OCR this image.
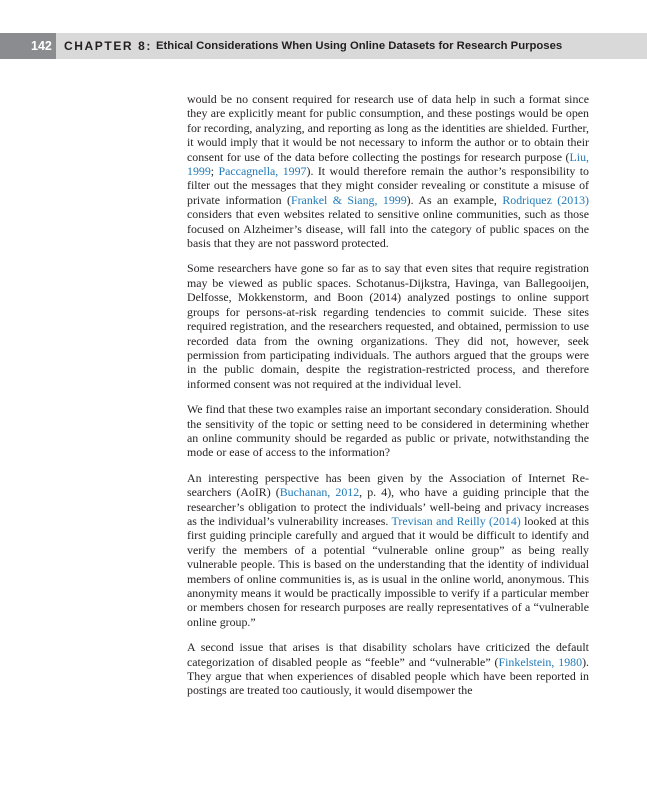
142	CHAPTER 8: Ethical Considerations When Using Online Datasets for Research Purposes

would be no consent required for research use of data help in such a format since they are explicitly meant for public consumption, and these postings would be open for recording, analyzing, and reporting as long as the identities are shielded. Further, it would imply that it would be not necessary to inform the author or to obtain their consent for use of the data before collecting the postings for research purpose (Liu, 1999; Paccagnella, 1997). It would therefore remain the author’s responsibility to filter out the messages that they might consider revealing or constitute a misuse of private information (Frankel & Siang, 1999). As an example, Rodriquez (2013) considers that even websites related to sensitive online communities, such as those focused on Alzheimer’s disease, will fall into the category of public spaces on the basis that they are not password protected.

Some researchers have gone so far as to say that even sites that require registration may be viewed as public spaces. Schotanus-Dijkstra, Havinga, van Ballegooijen, Delfosse, Mokkenstorm, and Boon (2014) analyzed postings to online support groups for persons-at-risk regarding tendencies to commit suicide. These sites required registration, and the researchers requested, and obtained, permission to use recorded data from the owning organizations. They did not, however, seek permission from participating individuals. The authors argued that the groups were in the public domain, despite the registration-restricted process, and therefore informed consent was not required at the individual level.

We find that these two examples raise an important secondary consideration. Should the sensitivity of the topic or setting need to be considered in determining whether an online community should be regarded as public or private, notwithstanding the mode or ease of access to the information?

An interesting perspective has been given by the Association of Internet Researchers (AoIR) (Buchanan, 2012, p. 4), who have a guiding principle that the researcher’s obligation to protect the individuals’ well-being and privacy increases as the individual’s vulnerability increases. Trevisan and Reilly (2014) looked at this first guiding principle carefully and argued that it would be difficult to identify and verify the members of a potential “vulnerable online group” as being really vulnerable people. This is based on the understanding that the identity of individual members of online communities is, as is usual in the online world, anonymous. This anonymity means it would be practically impossible to verify if a particular member or members chosen for research purposes are really representatives of a “vulnerable online group.”

A second issue that arises is that disability scholars have criticized the default categorization of disabled people as “feeble” and “vulnerable” (Finkelstein, 1980). They argue that when experiences of disabled people which have been reported in postings are treated too cautiously, it would disempower the
